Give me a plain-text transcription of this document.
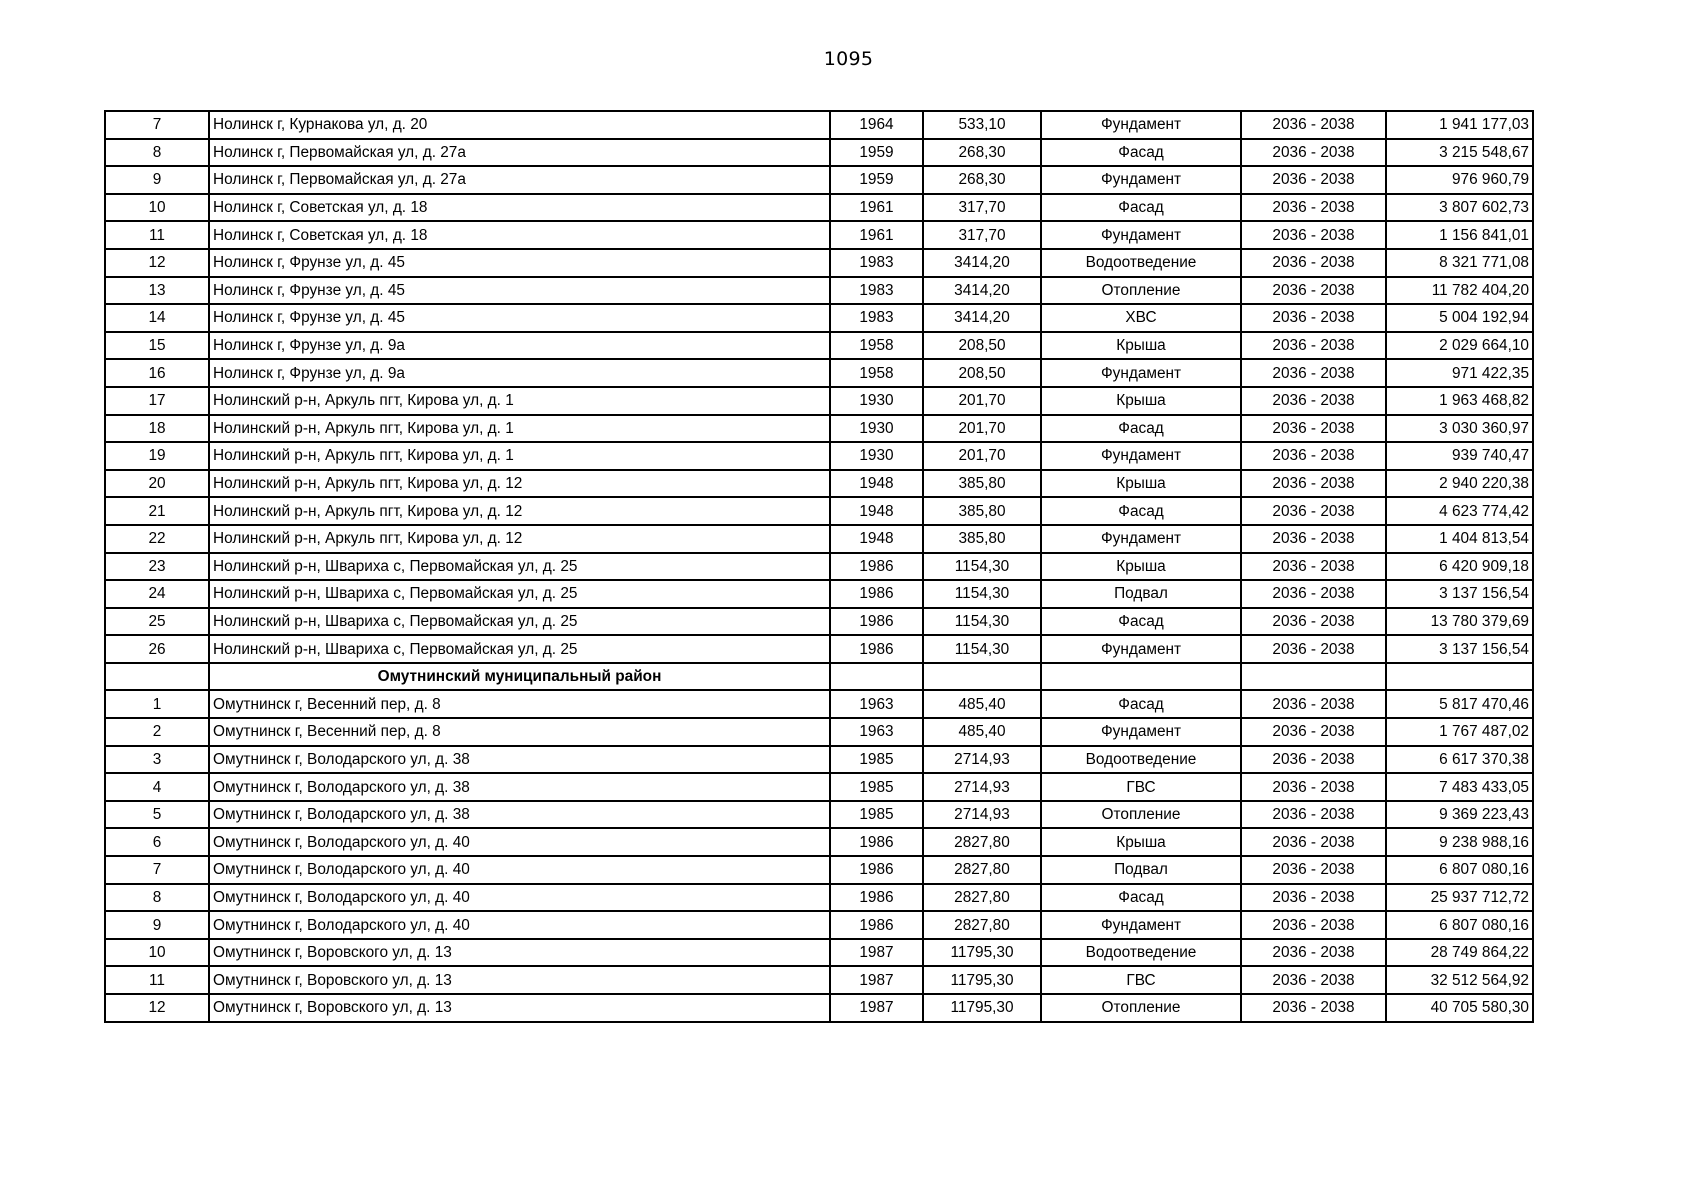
1095
7	Нолинск г, Курнакова ул, д. 20	1964	533,10	Фундамент	2036 - 2038	1 941 177,03
8	Нолинск г, Первомайская ул, д. 27а	1959	268,30	Фасад	2036 - 2038	3 215 548,67
9	Нолинск г, Первомайская ул, д. 27а	1959	268,30	Фундамент	2036 - 2038	976 960,79
10	Нолинск г, Советская ул, д. 18	1961	317,70	Фасад	2036 - 2038	3 807 602,73
11	Нолинск г, Советская ул, д. 18	1961	317,70	Фундамент	2036 - 2038	1 156 841,01
12	Нолинск г, Фрунзе ул, д. 45	1983	3414,20	Водоотведение	2036 - 2038	8 321 771,08
13	Нолинск г, Фрунзе ул, д. 45	1983	3414,20	Отопление	2036 - 2038	11 782 404,20
14	Нолинск г, Фрунзе ул, д. 45	1983	3414,20	ХВС	2036 - 2038	5 004 192,94
15	Нолинск г, Фрунзе ул, д. 9а	1958	208,50	Крыша	2036 - 2038	2 029 664,10
16	Нолинск г, Фрунзе ул, д. 9а	1958	208,50	Фундамент	2036 - 2038	971 422,35
17	Нолинский р-н, Аркуль пгт, Кирова ул, д. 1	1930	201,70	Крыша	2036 - 2038	1 963 468,82
18	Нолинский р-н, Аркуль пгт, Кирова ул, д. 1	1930	201,70	Фасад	2036 - 2038	3 030 360,97
19	Нолинский р-н, Аркуль пгт, Кирова ул, д. 1	1930	201,70	Фундамент	2036 - 2038	939 740,47
20	Нолинский р-н, Аркуль пгт, Кирова ул, д. 12	1948	385,80	Крыша	2036 - 2038	2 940 220,38
21	Нолинский р-н, Аркуль пгт, Кирова ул, д. 12	1948	385,80	Фасад	2036 - 2038	4 623 774,42
22	Нолинский р-н, Аркуль пгт, Кирова ул, д. 12	1948	385,80	Фундамент	2036 - 2038	1 404 813,54
23	Нолинский р-н, Швариха с, Первомайская ул, д. 25	1986	1154,30	Крыша	2036 - 2038	6 420 909,18
24	Нолинский р-н, Швариха с, Первомайская ул, д. 25	1986	1154,30	Подвал	2036 - 2038	3 137 156,54
25	Нолинский р-н, Швариха с, Первомайская ул, д. 25	1986	1154,30	Фасад	2036 - 2038	13 780 379,69
26	Нолинский р-н, Швариха с, Первомайская ул, д. 25	1986	1154,30	Фундамент	2036 - 2038	3 137 156,54
	Омутнинский муниципальный район					
1	Омутнинск г, Весенний пер, д. 8	1963	485,40	Фасад	2036 - 2038	5 817 470,46
2	Омутнинск г, Весенний пер, д. 8	1963	485,40	Фундамент	2036 - 2038	1 767 487,02
3	Омутнинск г, Володарского ул, д. 38	1985	2714,93	Водоотведение	2036 - 2038	6 617 370,38
4	Омутнинск г, Володарского ул, д. 38	1985	2714,93	ГВС	2036 - 2038	7 483 433,05
5	Омутнинск г, Володарского ул, д. 38	1985	2714,93	Отопление	2036 - 2038	9 369 223,43
6	Омутнинск г, Володарского ул, д. 40	1986	2827,80	Крыша	2036 - 2038	9 238 988,16
7	Омутнинск г, Володарского ул, д. 40	1986	2827,80	Подвал	2036 - 2038	6 807 080,16
8	Омутнинск г, Володарского ул, д. 40	1986	2827,80	Фасад	2036 - 2038	25 937 712,72
9	Омутнинск г, Володарского ул, д. 40	1986	2827,80	Фундамент	2036 - 2038	6 807 080,16
10	Омутнинск г, Воровского ул, д. 13	1987	11795,30	Водоотведение	2036 - 2038	28 749 864,22
11	Омутнинск г, Воровского ул, д. 13	1987	11795,30	ГВС	2036 - 2038	32 512 564,92
12	Омутнинск г, Воровского ул, д. 13	1987	11795,30	Отопление	2036 - 2038	40 705 580,30
